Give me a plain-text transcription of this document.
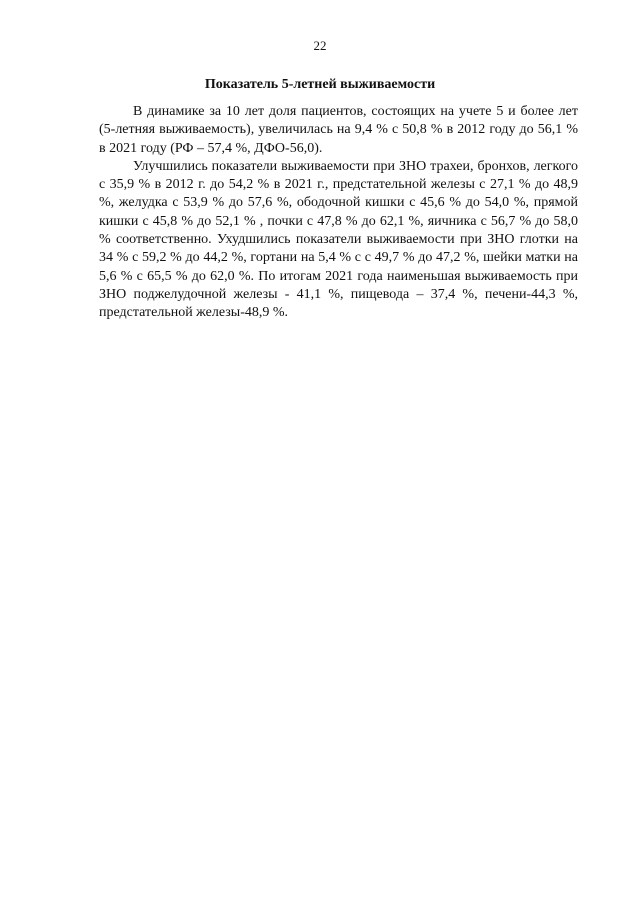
22
Показатель 5-летней выживаемости

В динамике за 10 лет доля пациентов, состоящих на учете 5 и более лет (5-летняя выживаемость), увеличилась на 9,4 % с 50,8 % в 2012 году до 56,1 % в 2021 году (РФ – 57,4 %, ДФО-56,0).

Улучшились показатели выживаемости при ЗНО трахеи, бронхов, легкого с 35,9 % в 2012 г. до 54,2 % в 2021 г., предстательной железы с 27,1 % до 48,9 %, желудка с 53,9 % до 57,6 %, ободочной кишки с 45,6 % до 54,0 %, прямой кишки с 45,8 % до 52,1 % , почки с 47,8 % до 62,1 %, яичника с 56,7 % до 58,0 % соответственно. Ухудшились показатели выживаемости при ЗНО глотки на 34 % с 59,2 % до 44,2 %, гортани на 5,4 % с с 49,7 % до 47,2 %, шейки матки на 5,6 % с 65,5 % до 62,0 %. По итогам 2021 года наименьшая выживаемость при ЗНО поджелудочной железы - 41,1 %, пищевода – 37,4 %, печени-44,3 %, предстательной железы-48,9 %.
